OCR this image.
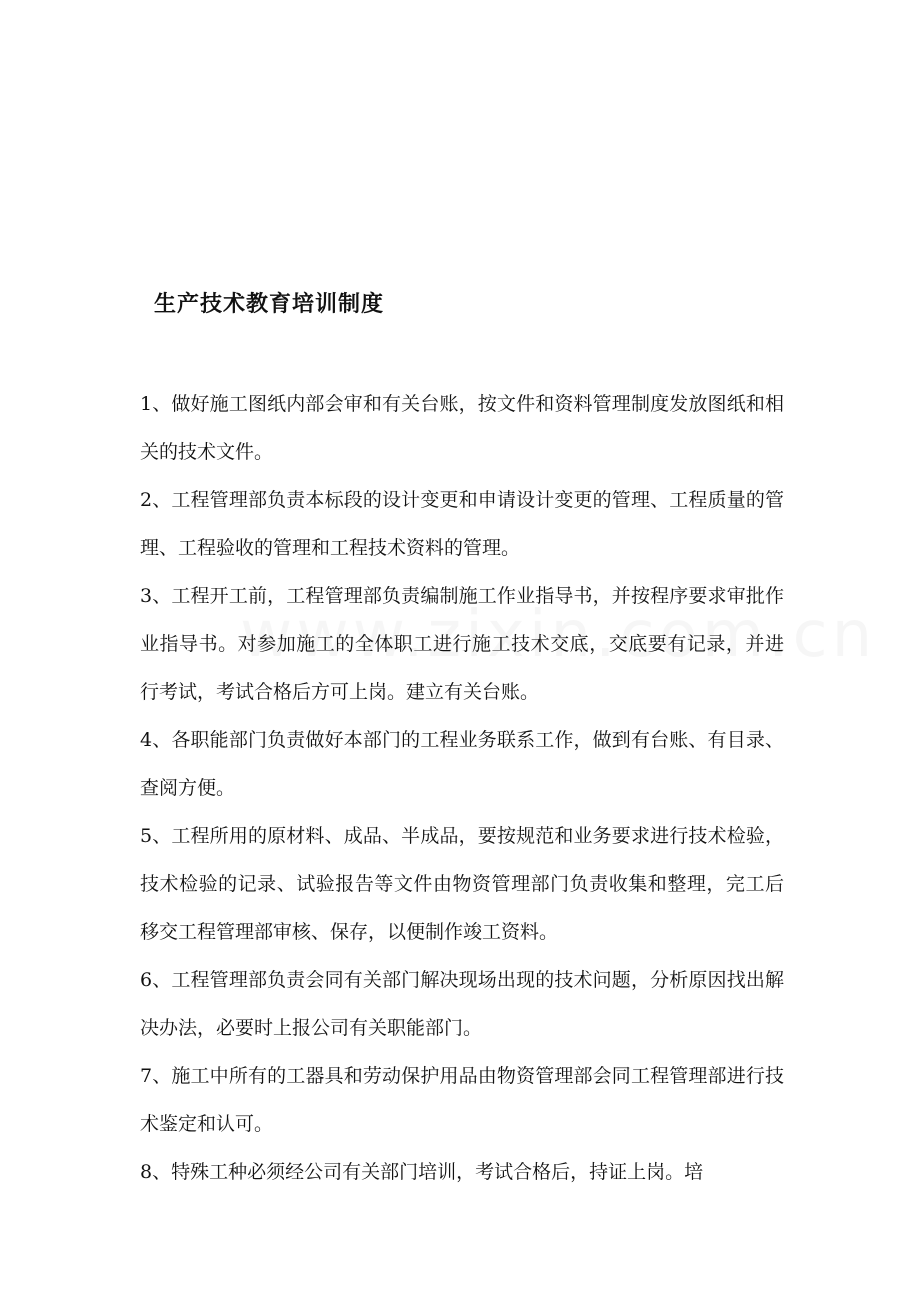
生产技术教育培训制度

1、做好施工图纸内部会审和有关台账，按文件和资料管理制度发放图纸和相关的技术文件。

2、工程管理部负责本标段的设计变更和申请设计变更的管理、工程质量的管理、工程验收的管理和工程技术资料的管理。

3、工程开工前，工程管理部负责编制施工作业指导书，并按程序要求审批作业指导书。对参加施工的全体职工进行施工技术交底，交底要有记录，并进行考试，考试合格后方可上岗。建立有关台账。

4、各职能部门负责做好本部门的工程业务联系工作，做到有台账、有目录、查阅方便。

5、工程所用的原材料、成品、半成品，要按规范和业务要求进行技术检验，技术检验的记录、试验报告等文件由物资管理部门负责收集和整理，完工后移交工程管理部审核、保存，以便制作竣工资料。

6、工程管理部负责会同有关部门解决现场出现的技术问题，分析原因找出解决办法，必要时上报公司有关职能部门。

7、施工中所有的工器具和劳动保护用品由物资管理部会同工程管理部进行技术鉴定和认可。

8、特殊工种必须经公司有关部门培训，考试合格后，持证上岗。培
